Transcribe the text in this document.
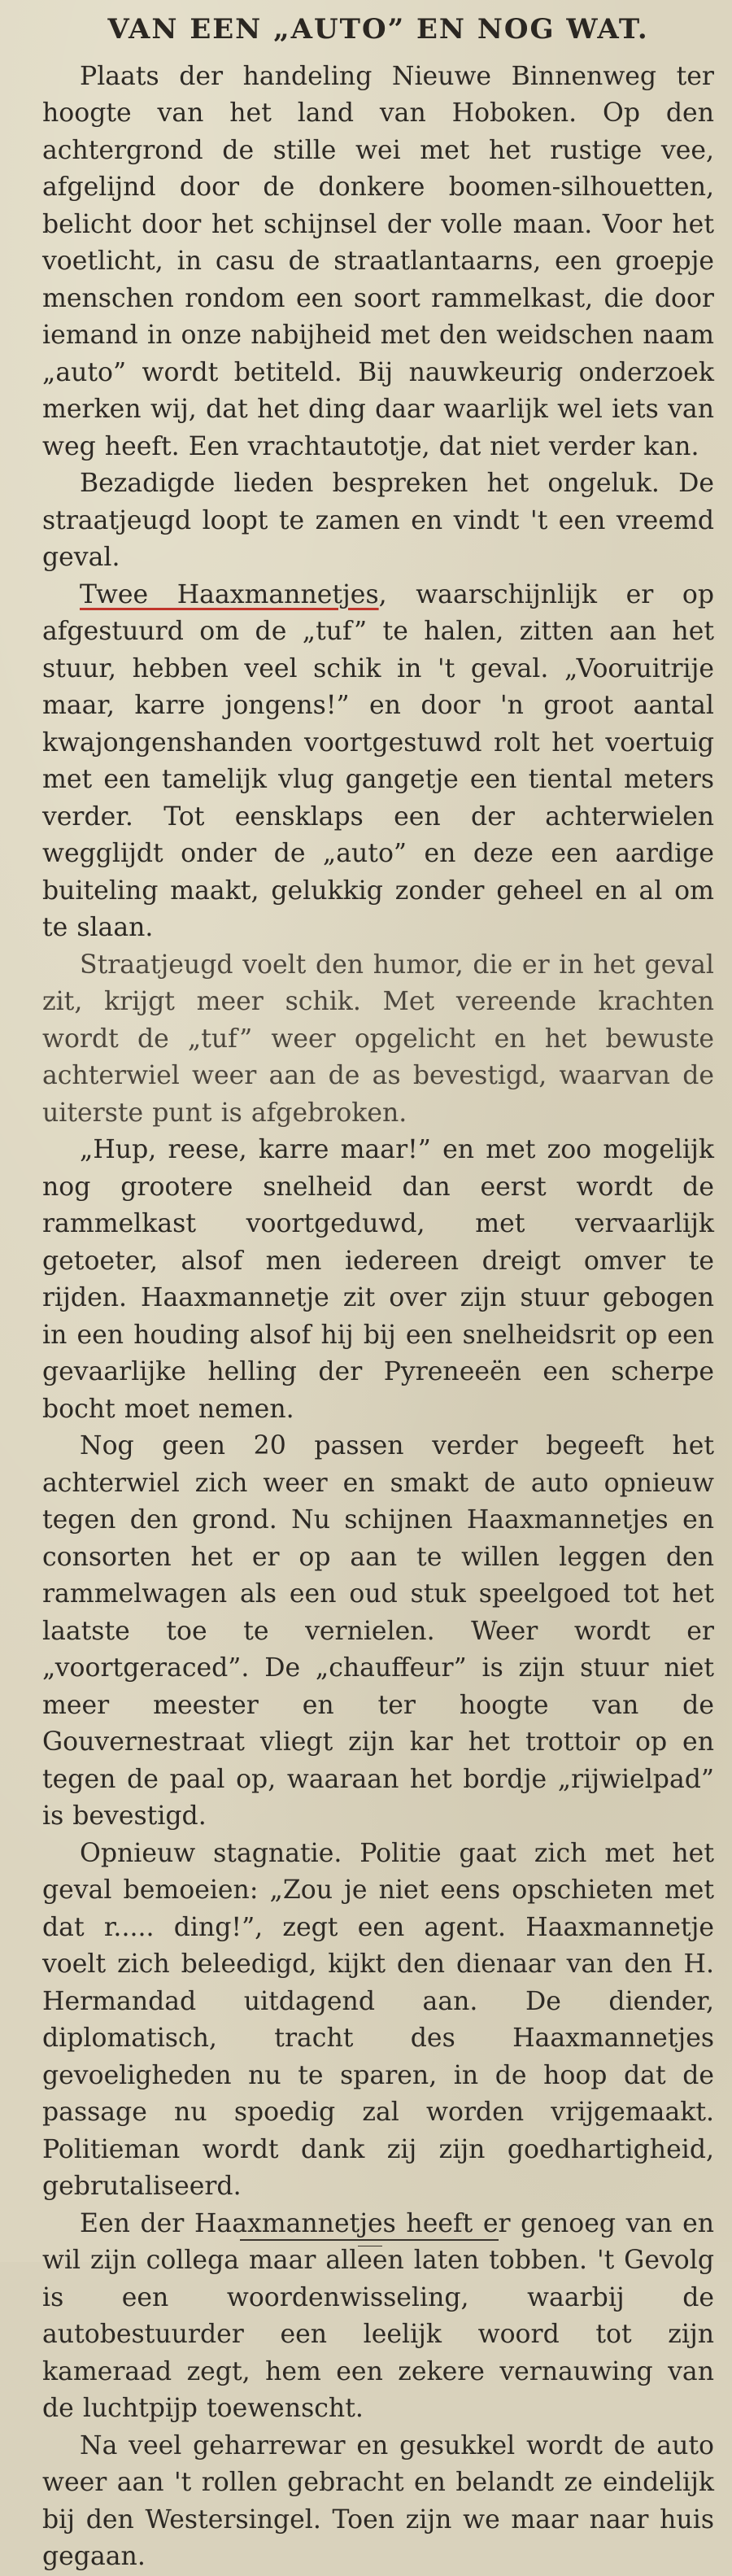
VAN EEN „AUTO” EN NOG WAT.

Plaats der handeling Nieuwe Binnenweg ter hoogte van het land van Hoboken. Op den achtergrond de stille wei met het rustige vee, afgelijnd door de donkere boomen-silhouetten, belicht door het schijnsel der volle maan. Voor het voetlicht, in casu de straatlantaarns, een groepje menschen rondom een soort rammelkast, die door iemand in onze nabijheid met den weidschen naam „auto” wordt betiteld. Bij nauwkeurig onderzoek merken wij, dat het ding daar waarlijk wel iets van weg heeft. Een vrachtautotje, dat niet verder kan.

Bezadigde lieden bespreken het ongeluk. De straatjeugd loopt te zamen en vindt 't een vreemd geval.

Twee Haaxmannetjes, waarschijnlijk er op afgestuurd om de „tuf” te halen, zitten aan het stuur, hebben veel schik in 't geval. „Vooruitrije maar, karre jongens!” en door 'n groot aantal kwajongenshanden voortgestuwd rolt het voertuig met een tamelijk vlug gangetje een tiental meters verder. Tot eensklaps een der achterwielen wegglijdt onder de „auto” en deze een aardige buiteling maakt, gelukkig zonder geheel en al om te slaan.

Straatjeugd voelt den humor, die er in het geval zit, krijgt meer schik. Met vereende krachten wordt de „tuf” weer opgelicht en het bewuste achterwiel weer aan de as bevestigd, waarvan de uiterste punt is afgebroken.

„Hup, reese, karre maar!” en met zoo mogelijk nog grootere snelheid dan eerst wordt de rammelkast voortgeduwd, met vervaarlijk getoeter, alsof men iedereen dreigt omver te rijden. Haaxmannetje zit over zijn stuur gebogen in een houding alsof hij bij een snelheidsrit op een gevaarlijke helling der Pyreneeën een scherpe bocht moet nemen.

Nog geen 20 passen verder begeeft het achterwiel zich weer en smakt de auto opnieuw tegen den grond. Nu schijnen Haaxmannetjes en consorten het er op aan te willen leggen den rammelwagen als een oud stuk speelgoed tot het laatste toe te vernielen. Weer wordt er „voortgeraced”. De „chauffeur” is zijn stuur niet meer meester en ter hoogte van de Gouvernestraat vliegt zijn kar het trottoir op en tegen de paal op, waaraan het bordje „rijwielpad” is bevestigd.

Opnieuw stagnatie. Politie gaat zich met het geval bemoeien: „Zou je niet eens opschieten met dat r..... ding!”, zegt een agent. Haaxmannetje voelt zich beleedigd, kijkt den dienaar van den H. Hermandad uitdagend aan. De diender, diplomatisch, tracht des Haaxmannetjes gevoeligheden nu te sparen, in de hoop dat de passage nu spoedig zal worden vrijgemaakt. Politieman wordt dank zij zijn goedhartigheid, gebrutaliseerd.

Een der Haaxmannetjes heeft er genoeg van en wil zijn collega maar alleen laten tobben. 't Gevolg is een woordenwisseling, waarbij de autobestuurder een leelijk woord tot zijn kameraad zegt, hem een zekere vernauwing van de luchtpijp toewenscht.

Na veel geharrewar en gesukkel wordt de auto weer aan 't rollen gebracht en belandt ze eindelijk bij den Westersingel. Toen zijn we maar naar huis gegaan.
